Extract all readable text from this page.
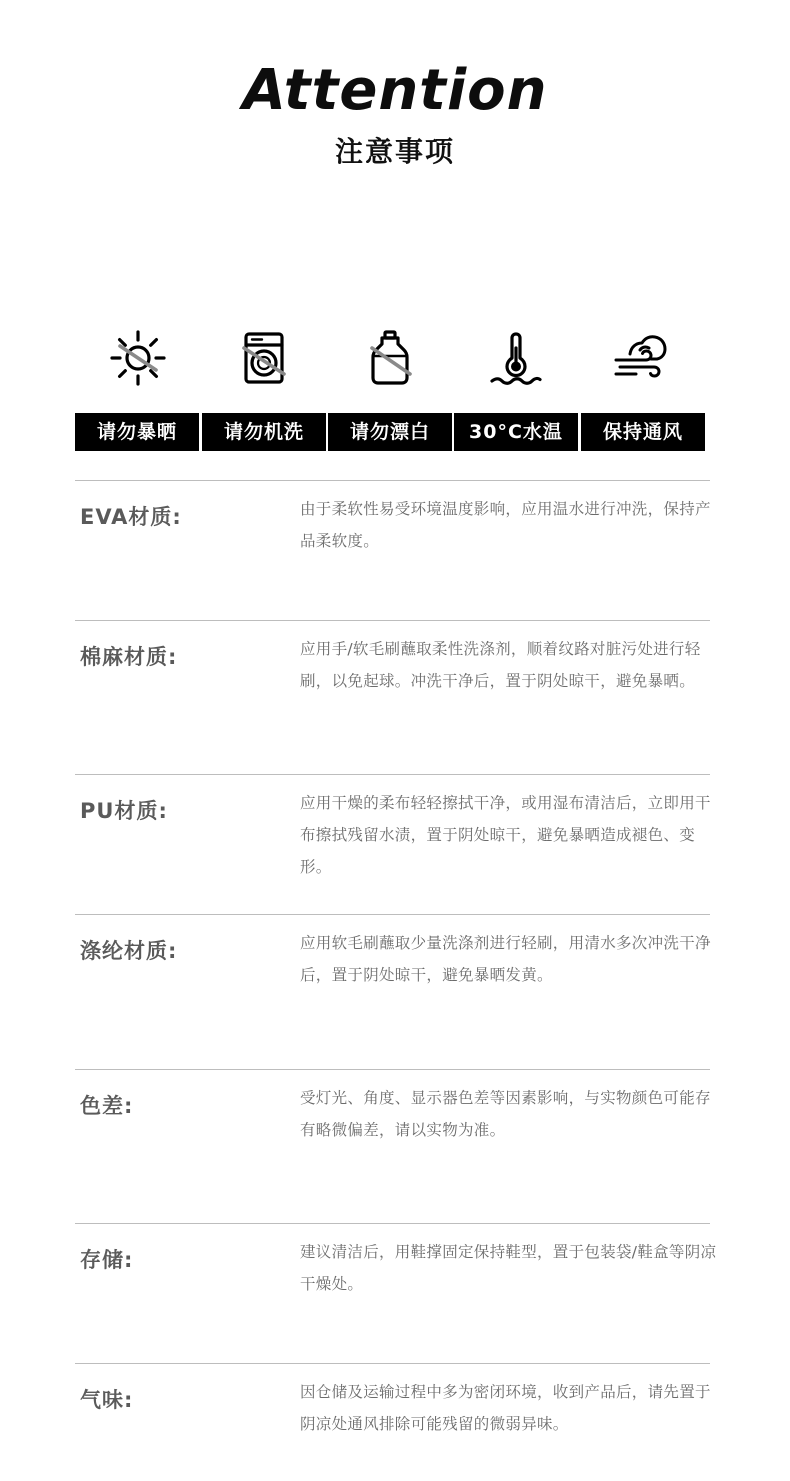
Attention
注意事项
请勿暴晒	请勿机洗	请勿漂白	30°C水温	保持通风
EVA材质:	由于柔软性易受环境温度影响，应用温水进行冲洗，保持产品柔软度。
棉麻材质:	应用手/软毛刷蘸取柔性洗涤剂，顺着纹路对脏污处进行轻刷，以免起球。冲洗干净后，置于阴处晾干，避免暴晒。
PU材质:	应用干燥的柔布轻轻擦拭干净，或用湿布清洁后，立即用干布擦拭残留水渍，置于阴处晾干，避免暴晒造成褪色、变形。
涤纶材质:	应用软毛刷蘸取少量洗涤剂进行轻刷，用清水多次冲洗干净后，置于阴处晾干，避免暴晒发黄。
色差:	受灯光、角度、显示器色差等因素影响，与实物颜色可能存有略微偏差，请以实物为准。
存储:	建议清洁后，用鞋撑固定保持鞋型，置于包装袋/鞋盒等阴凉干燥处。
气味:	因仓储及运输过程中多为密闭环境，收到产品后，请先置于阴凉处通风排除可能残留的微弱异味。
